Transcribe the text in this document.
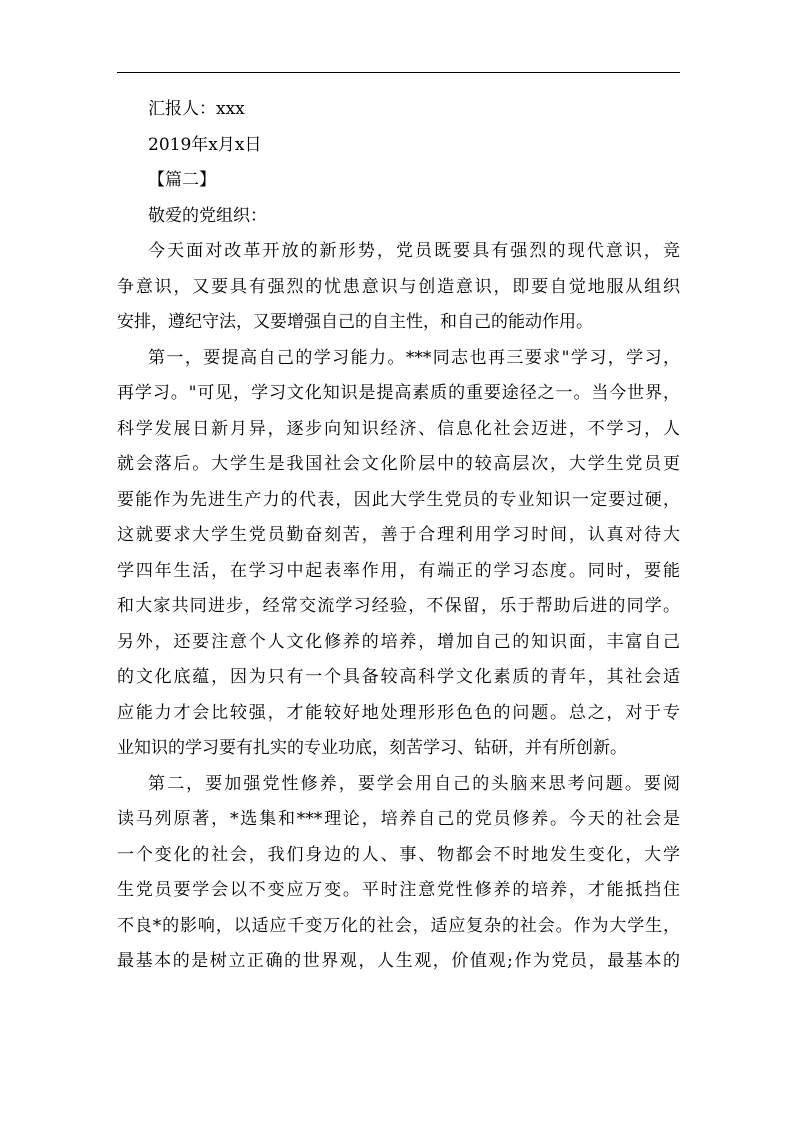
汇报人：xxx
2019年x月x日
【篇二】
敬爱的党组织：
今天面对改革开放的新形势，党员既要具有强烈的现代意识，竞
争意识，又要具有强烈的忧患意识与创造意识，即要自觉地服从组织
安排，遵纪守法，又要增强自己的自主性，和自己的能动作用。
第一，要提高自己的学习能力。***同志也再三要求"学习，学习，
再学习。"可见，学习文化知识是提高素质的重要途径之一。当今世界，
科学发展日新月异，逐步向知识经济、信息化社会迈进，不学习，人
就会落后。大学生是我国社会文化阶层中的较高层次，大学生党员更
要能作为先进生产力的代表，因此大学生党员的专业知识一定要过硬，
这就要求大学生党员勤奋刻苦，善于合理利用学习时间，认真对待大
学四年生活，在学习中起表率作用，有端正的学习态度。同时，要能
和大家共同进步，经常交流学习经验，不保留，乐于帮助后进的同学。
另外，还要注意个人文化修养的培养，增加自己的知识面，丰富自己
的文化底蕴，因为只有一个具备较高科学文化素质的青年，其社会适
应能力才会比较强，才能较好地处理形形色色的问题。总之，对于专
业知识的学习要有扎实的专业功底，刻苦学习、钻研，并有所创新。
第二，要加强党性修养，要学会用自己的头脑来思考问题。要阅
读马列原著，*选集和***理论，培养自己的党员修养。今天的社会是
一个变化的社会，我们身边的人、事、物都会不时地发生变化，大学
生党员要学会以不变应万变。平时注意党性修养的培养，才能抵挡住
不良*的影响，以适应千变万化的社会，适应复杂的社会。作为大学生，
最基本的是树立正确的世界观，人生观，价值观;作为党员，最基本的
